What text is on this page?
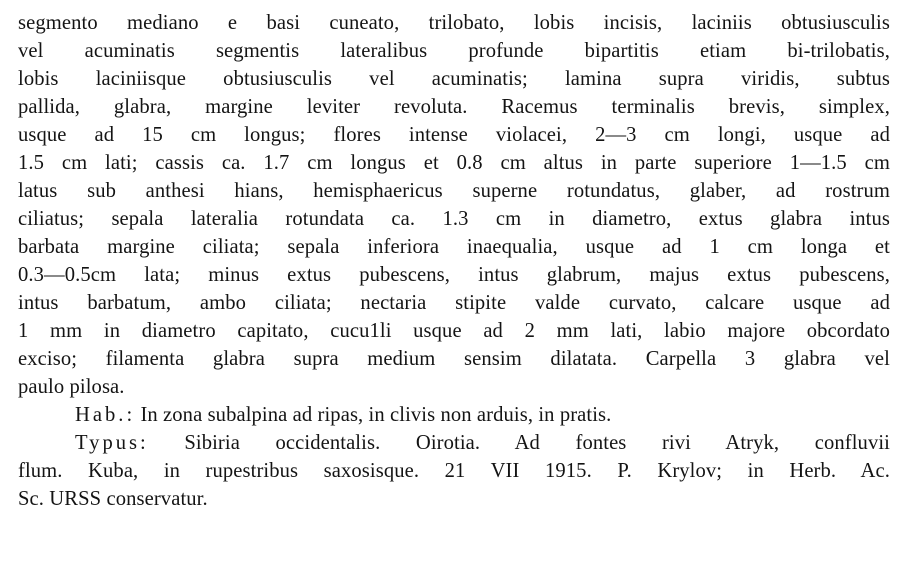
segmento mediano e basi cuneato, trilobato, lobis incisis, laciniis obtusiusculis
vel acuminatis segmentis lateralibus profunde bipartitis etiam bi-trilobatis,
lobis laciniisque obtusiusculis vel acuminatis; lamina supra viridis, subtus
pallida, glabra, margine leviter revoluta. Racemus terminalis brevis, simplex,
usque ad 15 cm longus; flores intense violacei, 2—3 cm longi, usque ad
1.5 cm lati; cassis ca. 1.7 cm longus et 0.8 cm altus in parte superiore 1—1.5 cm
latus sub anthesi hians, hemisphaericus superne rotundatus, glaber, ad rostrum
ciliatus; sepala lateralia rotundata ca. 1.3 cm in diametro, extus glabra intus
barbata margine ciliata; sepala inferiora inaequalia, usque ad 1 cm longa et
0.3—0.5cm lata; minus extus pubescens, intus glabrum, majus extus pubescens,
intus barbatum, ambo ciliata; nectaria stipite valde curvato, calcare usque ad
1 mm in diametro capitato, cucu1li usque ad 2 mm lati, labio majore obcordato
exciso; filamenta glabra supra medium sensim dilatata. Carpella 3 glabra vel
paulo pilosa.
Hab.: In zona subalpina ad ripas, in clivis non arduis, in pratis.
Typus: Sibiria occidentalis. Oirotia. Ad fontes rivi Atryk, confluvii
flum. Kuba, in rupestribus saxosisque. 21 VII 1915. P. Krylov; in Herb. Ac.
Sc. URSS conservatur.
